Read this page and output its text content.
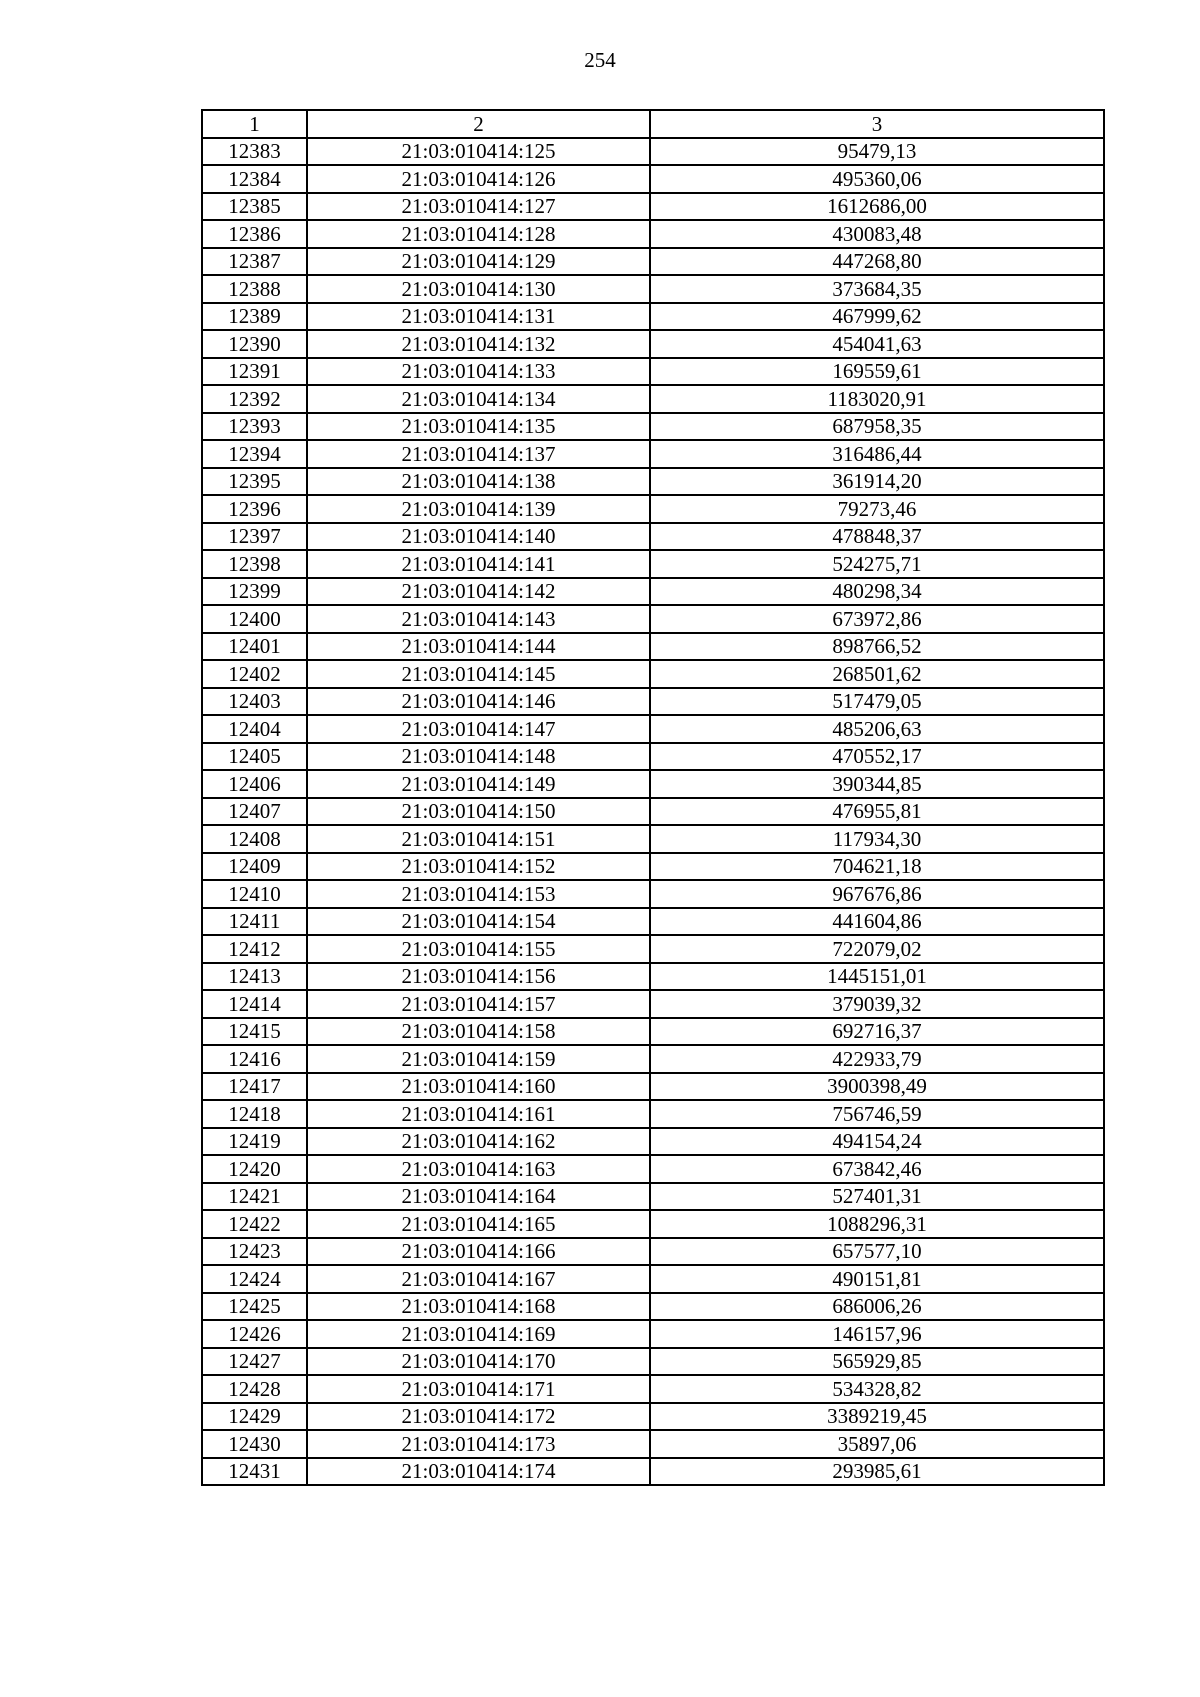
254
1	2	3
12383	21:03:010414:125	95479,13
12384	21:03:010414:126	495360,06
12385	21:03:010414:127	1612686,00
12386	21:03:010414:128	430083,48
12387	21:03:010414:129	447268,80
12388	21:03:010414:130	373684,35
12389	21:03:010414:131	467999,62
12390	21:03:010414:132	454041,63
12391	21:03:010414:133	169559,61
12392	21:03:010414:134	1183020,91
12393	21:03:010414:135	687958,35
12394	21:03:010414:137	316486,44
12395	21:03:010414:138	361914,20
12396	21:03:010414:139	79273,46
12397	21:03:010414:140	478848,37
12398	21:03:010414:141	524275,71
12399	21:03:010414:142	480298,34
12400	21:03:010414:143	673972,86
12401	21:03:010414:144	898766,52
12402	21:03:010414:145	268501,62
12403	21:03:010414:146	517479,05
12404	21:03:010414:147	485206,63
12405	21:03:010414:148	470552,17
12406	21:03:010414:149	390344,85
12407	21:03:010414:150	476955,81
12408	21:03:010414:151	117934,30
12409	21:03:010414:152	704621,18
12410	21:03:010414:153	967676,86
12411	21:03:010414:154	441604,86
12412	21:03:010414:155	722079,02
12413	21:03:010414:156	1445151,01
12414	21:03:010414:157	379039,32
12415	21:03:010414:158	692716,37
12416	21:03:010414:159	422933,79
12417	21:03:010414:160	3900398,49
12418	21:03:010414:161	756746,59
12419	21:03:010414:162	494154,24
12420	21:03:010414:163	673842,46
12421	21:03:010414:164	527401,31
12422	21:03:010414:165	1088296,31
12423	21:03:010414:166	657577,10
12424	21:03:010414:167	490151,81
12425	21:03:010414:168	686006,26
12426	21:03:010414:169	146157,96
12427	21:03:010414:170	565929,85
12428	21:03:010414:171	534328,82
12429	21:03:010414:172	3389219,45
12430	21:03:010414:173	35897,06
12431	21:03:010414:174	293985,61
